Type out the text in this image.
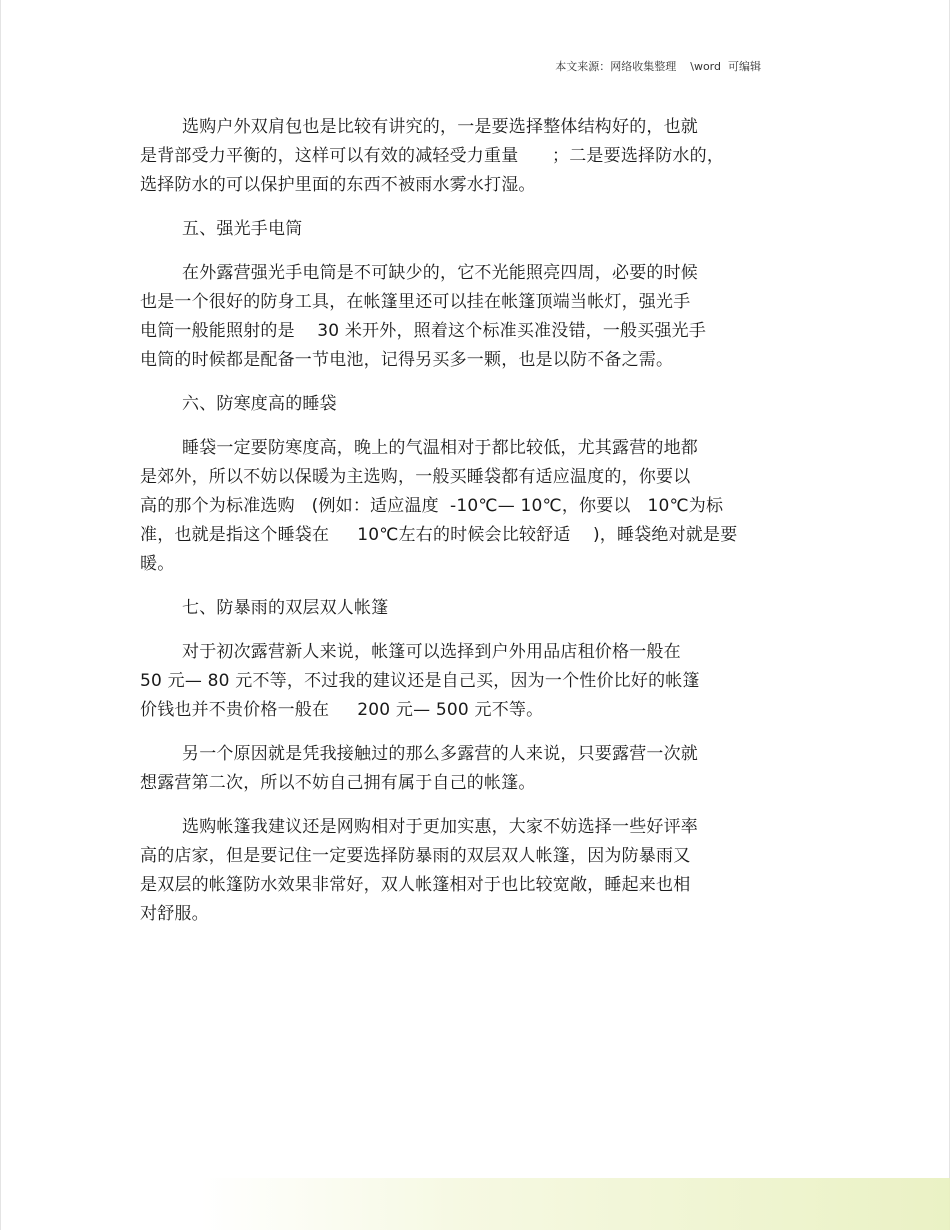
本文来源：网络收集整理    \word  可编辑
选购户外双肩包也是比较有讲究的，一是要选择整体结构好的，也就
是背部受力平衡的，这样可以有效的减轻受力重量      ；二是要选择防水的，
选择防水的可以保护里面的东西不被雨水雾水打湿。
五、强光手电筒
在外露营强光手电筒是不可缺少的，它不光能照亮四周，必要的时候
也是一个很好的防身工具，在帐篷里还可以挂在帐篷顶端当帐灯，强光手
电筒一般能照射的是    30 米开外，照着这个标准买准没错，一般买强光手
电筒的时候都是配备一节电池，记得另买多一颗，也是以防不备之需。
六、防寒度高的睡袋
睡袋一定要防寒度高，晚上的气温相对于都比较低，尤其露营的地都
是郊外，所以不妨以保暖为主选购，一般买睡袋都有适应温度的，你要以
高的那个为标准选购   (例如：适应温度  -10℃— 10℃，你要以   10℃为标
准，也就是指这个睡袋在     10℃左右的时候会比较舒适    )，睡袋绝对就是要
暖。
七、防暴雨的双层双人帐篷
对于初次露营新人来说，帐篷可以选择到户外用品店租价格一般在
50 元— 80 元不等，不过我的建议还是自己买，因为一个性价比好的帐篷
价钱也并不贵价格一般在     200 元— 500 元不等。
另一个原因就是凭我接触过的那么多露营的人来说，只要露营一次就
想露营第二次，所以不妨自己拥有属于自己的帐篷。
选购帐篷我建议还是网购相对于更加实惠，大家不妨选择一些好评率
高的店家，但是要记住一定要选择防暴雨的双层双人帐篷，因为防暴雨又
是双层的帐篷防水效果非常好，双人帐篷相对于也比较宽敞，睡起来也相
对舒服。
